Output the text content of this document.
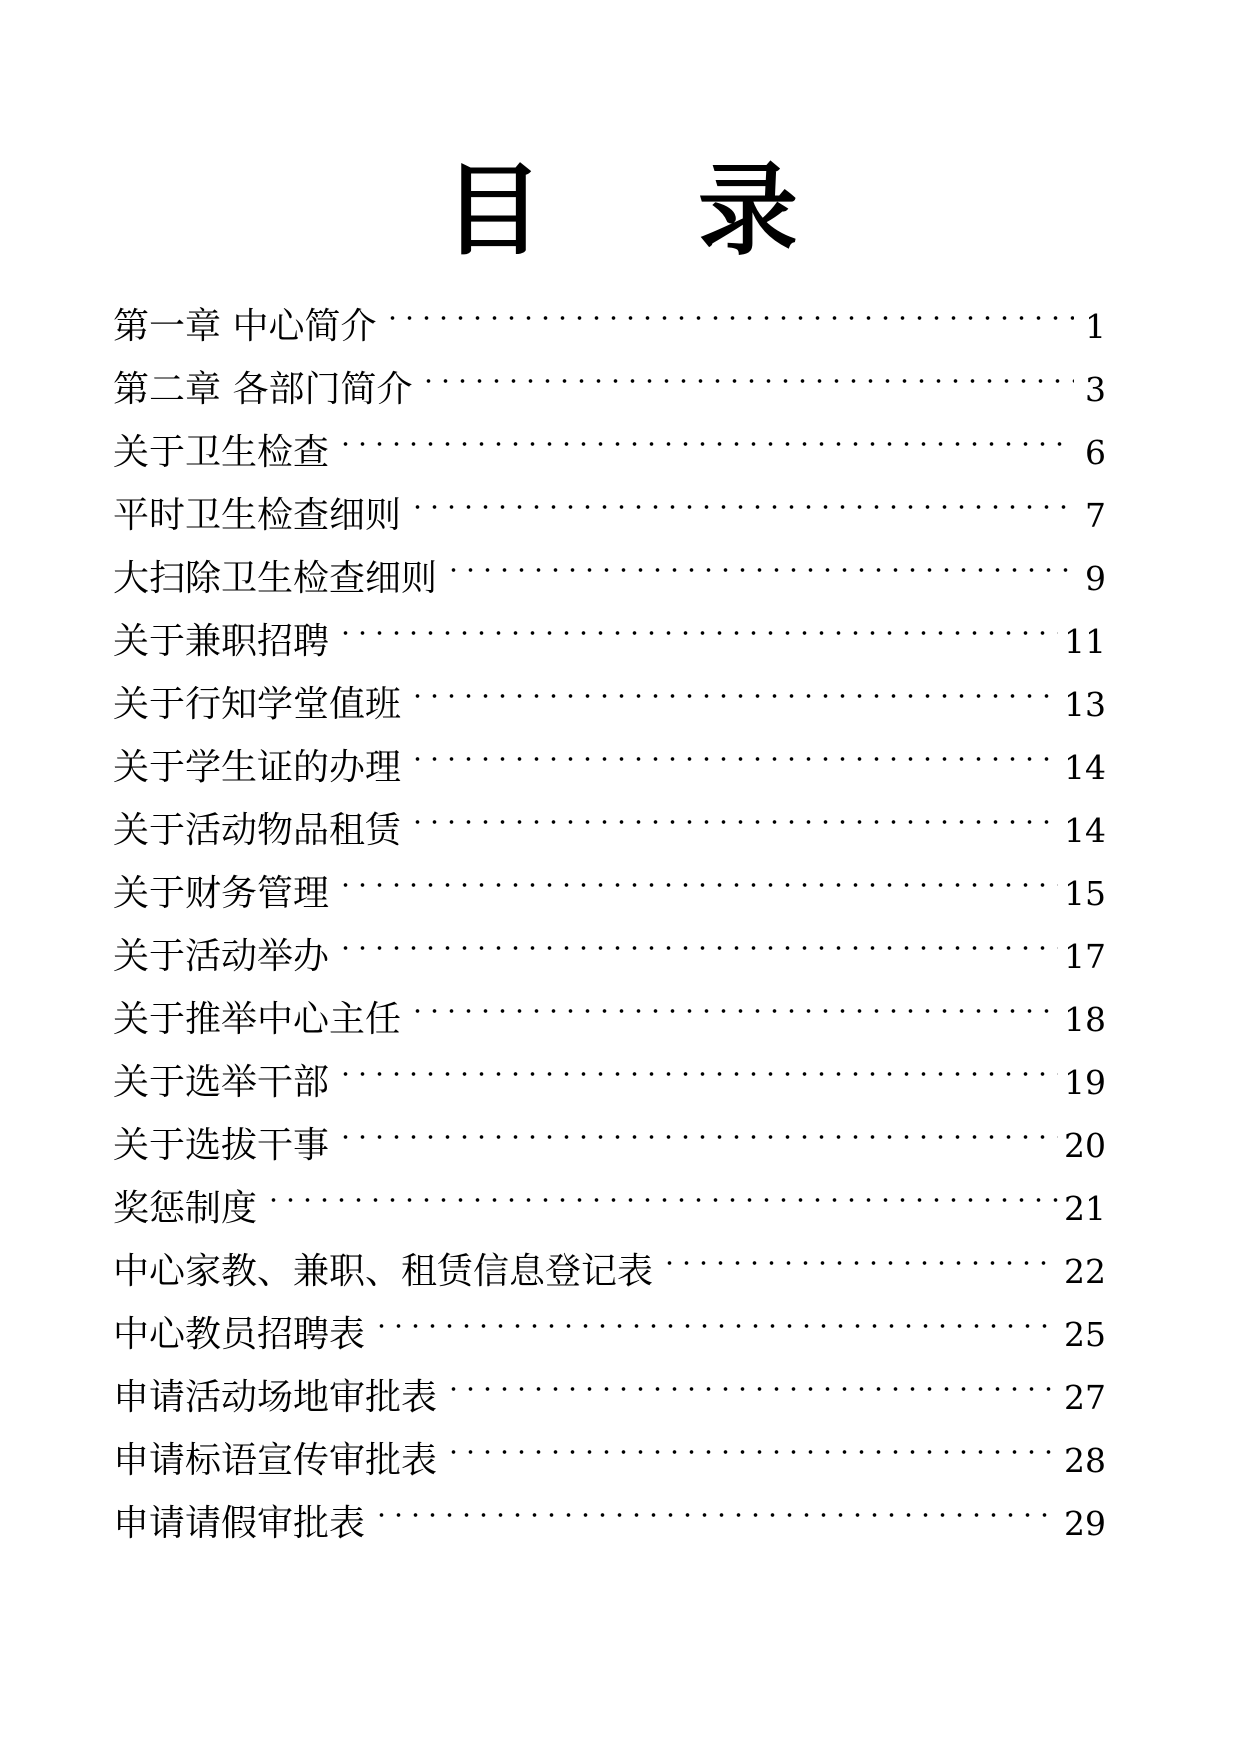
目 录
第一章 中心简介	1
第二章 各部门简介	3
关于卫生检查	6
平时卫生检查细则	7
大扫除卫生检查细则	9
关于兼职招聘	11
关于行知学堂值班	13
关于学生证的办理	14
关于活动物品租赁	14
关于财务管理	15
关于活动举办	17
关于推举中心主任	18
关于选举干部	19
关于选拔干事	20
奖惩制度	21
中心家教、兼职、租赁信息登记表	22
中心教员招聘表	25
申请活动场地审批表	27
申请标语宣传审批表	28
申请请假审批表	29
